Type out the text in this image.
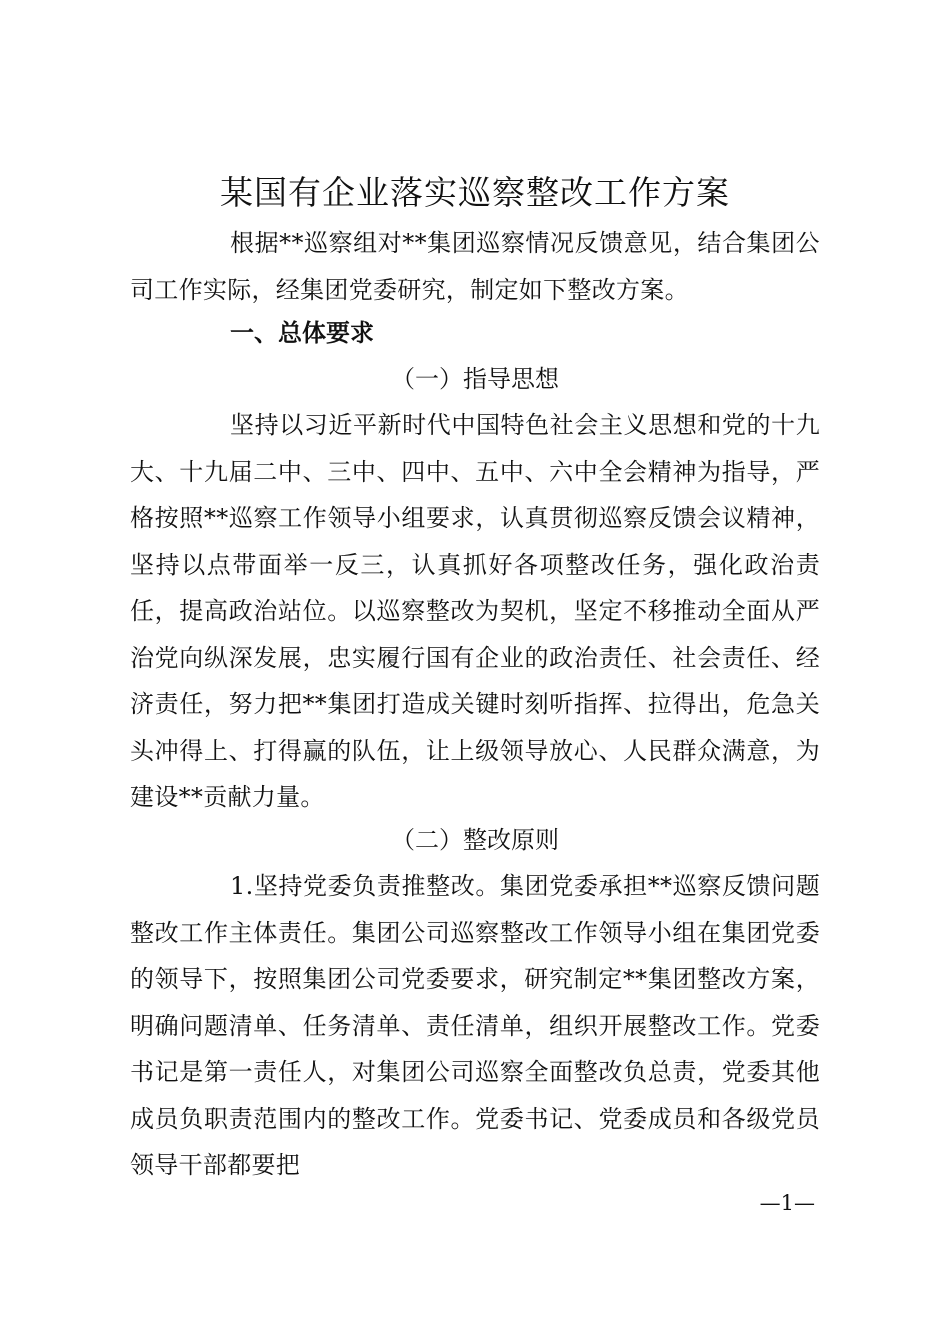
某国有企业落实巡察整改工作方案

根据**巡察组对**集团巡察情况反馈意见，结合集团公司工作实际，经集团党委研究，制定如下整改方案。

一、总体要求
（一）指导思想

坚持以习近平新时代中国特色社会主义思想和党的十九大、十九届二中、三中、四中、五中、六中全会精神为指导，严格按照**巡察工作领导小组要求，认真贯彻巡察反馈会议精神，坚持以点带面举一反三，认真抓好各项整改任务，强化政治责任，提高政治站位。以巡察整改为契机，坚定不移推动全面从严治党向纵深发展，忠实履行国有企业的政治责任、社会责任、经济责任，努力把**集团打造成关键时刻听指挥、拉得出，危急关头冲得上、打得赢的队伍，让上级领导放心、人民群众满意，为建设**贡献力量。

（二）整改原则

1.坚持党委负责推整改。集团党委承担**巡察反馈问题整改工作主体责任。集团公司巡察整改工作领导小组在集团党委的领导下，按照集团公司党委要求，研究制定**集团整改方案，明确问题清单、任务清单、责任清单，组织开展整改工作。党委书记是第一责任人，对集团公司巡察全面整改负总责，党委其他成员负职责范围内的整改工作。党委书记、党委成员和各级党员领导干部都要把

—1—
